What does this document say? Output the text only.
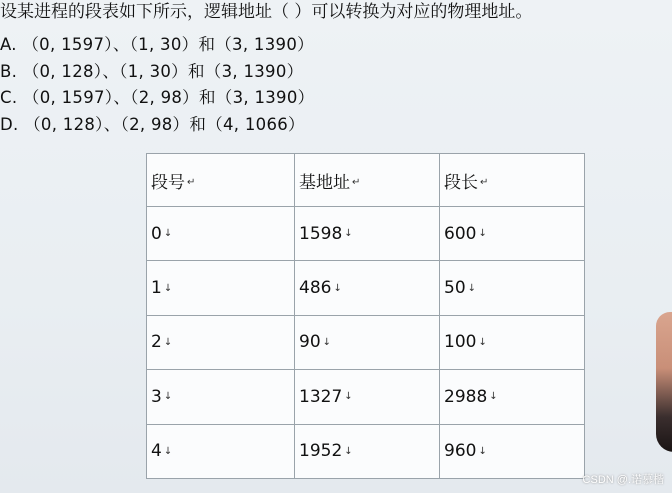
设某进程的段表如下所示，逻辑地址（ ）可以转换为对应的物理地址。
A. （0, 1597）、（1, 30）和（3, 1390）
B. （0, 128）、（1, 30）和（3, 1390）
C. （0, 1597）、（2, 98）和（3, 1390）
D. （0, 128）、（2, 98）和（4, 1066）
段号 ↵	基地址 ↵	段长 ↵
0 ↓	1598 ↓	600 ↓
1 ↓	486 ↓	50 ↓
2 ↓	90 ↓	100 ↓
3 ↓	1327 ↓	2988 ↓
4 ↓	1952 ↓	960 ↓
CSDN @.诺慕楷
